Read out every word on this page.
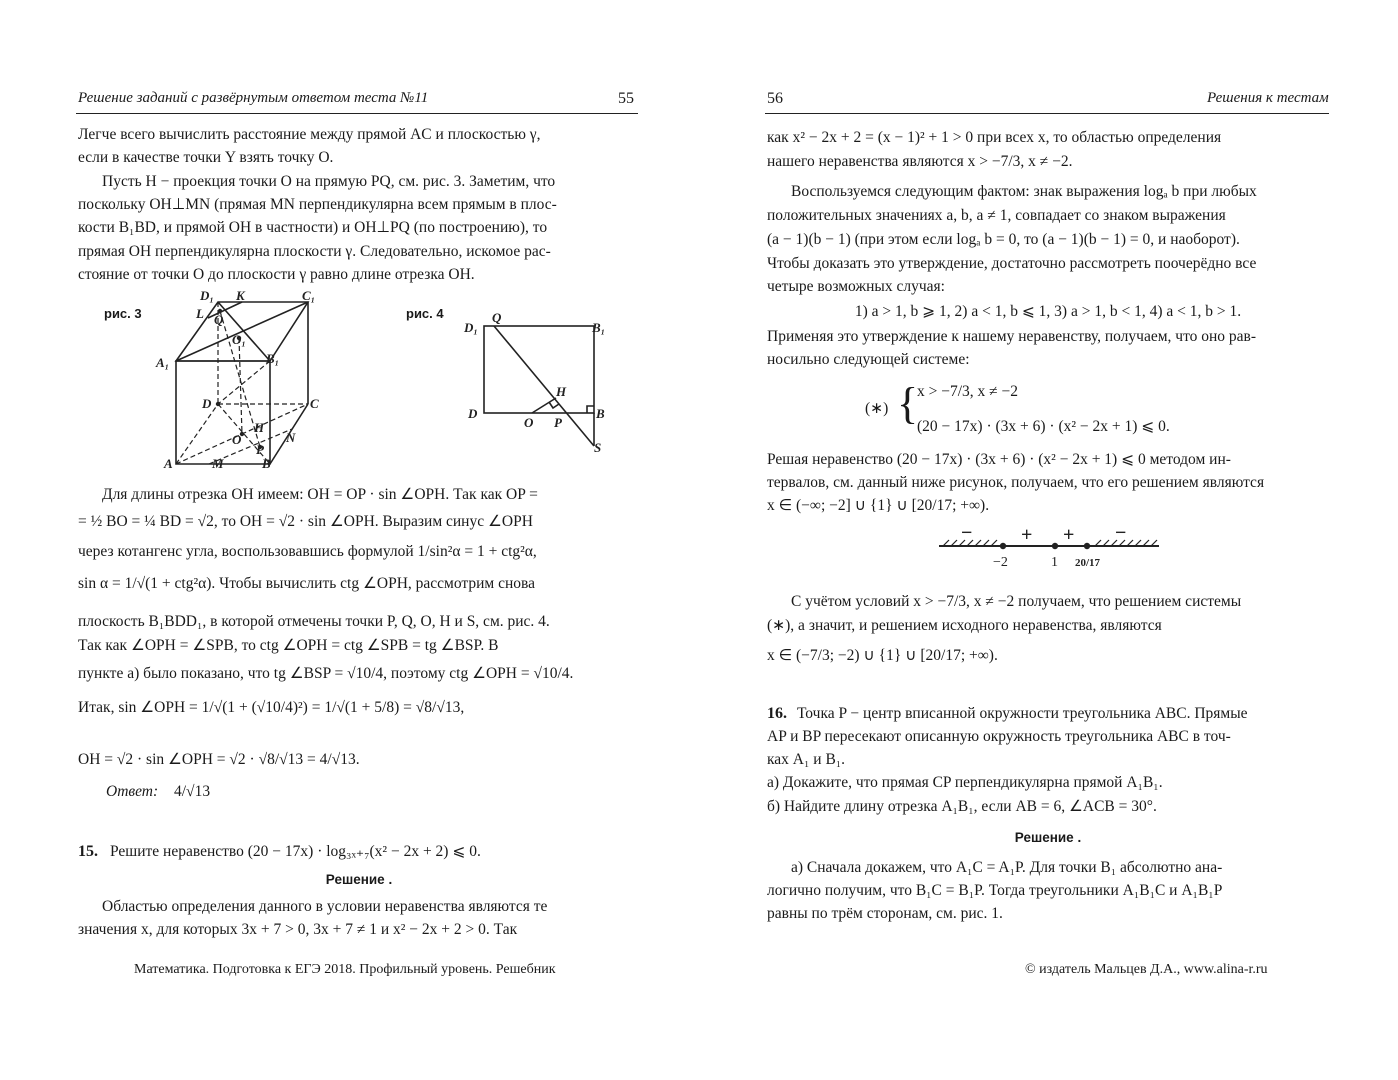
Решение заданий с развёрнутым ответом теста №11	55
Легче всего вычислить расстояние между прямой AC и плоскостью γ,
если в качестве точки Y взять точку O.
Пусть H − проекция точки O на прямую PQ, см. рис. 3. Заметим, что
поскольку OH⊥MN (прямая MN перпендикулярна всем прямым в плос-
кости B₁BD, и прямой OH в частности) и OH⊥PQ (по построению), то
прямая OH перпендикулярна плоскости γ. Следовательно, искомое рас-
стояние от точки O до плоскости γ равно длине отрезка OH.
D₁ K	C₁
L Q
O₁
A₁	B₁
D	C
O
H
N
A	M
P
B
рис. 3	рис. 4
D₁
Q
B₁
H
D
O P
B
S
Для длины отрезка OH имеем: OH = OP · sin ∠OPH. Так как OP =
= ½ BO = ¼ BD = √2, то OH = √2 · sin ∠OPH. Выразим синус ∠OPH
через котангенс угла, воспользовавшись формулой 1/sin²α = 1 + ctg²α,
sin α = 1/√(1 + ctg²α). Чтобы вычислить ctg ∠OPH, рассмотрим снова
плоскость B₁BDD₁, в которой отмечены точки P, Q, O, H и S, см. рис. 4.
Так как ∠OPH = ∠SPB, то ctg ∠OPH = ctg ∠SPB = tg ∠BSP. В
пункте а) было показано, что tg ∠BSP = √10/4, поэтому ctg ∠OPH = √10/4.
Итак, sin ∠OPH = 1/√(1 + (√10/4)²) = 1/√(1 + 5/8) = √8/√13,
OH = √2 · sin ∠OPH = √2 · √8/√13 = 4/√13.
Ответ: 4/√13
15. Решите неравенство (20 − 17x) · log₃ₓ₊₇(x² − 2x + 2) ⩽ 0.
Решение .
Областью определения данного в условии неравенства являются те
значения x, для которых 3x + 7 > 0, 3x + 7 ≠ 1 и x² − 2x + 2 > 0. Так
Математика. Подготовка к ЕГЭ 2018. Профильный уровень. Решебник
56	Решения к тестам
как x² − 2x + 2 = (x − 1)² + 1 > 0 при всех x, то областью определения
нашего неравенства являются x > −7/3, x ≠ −2.
Воспользуемся следующим фактом: знак выражения logₐ b при любых
положительных значениях a, b, a ≠ 1, совпадает со знаком выражения
(a − 1)(b − 1) (при этом если logₐ b = 0, то (a − 1)(b − 1) = 0, и наоборот).
Чтобы доказать это утверждение, достаточно рассмотреть поочерёдно все
четыре возможных случая:
1) a > 1, b ⩾ 1, 2) a < 1, b ⩽ 1, 3) a > 1, b < 1, 4) a < 1, b > 1.
Применяя это утверждение к нашему неравенству, получаем, что оно рав-
носильно следующей системе:
(∗) {
x > −7/3, x ≠ −2
(20 − 17x) · (3x + 6) · (x² − 2x + 1) ⩽ 0.
Решая неравенство (20 − 17x) · (3x + 6) · (x² − 2x + 1) ⩽ 0 методом ин-
тервалов, см. данный ниже рисунок, получаем, что его решением являются
x ∈ (−∞; −2] ∪ {1} ∪ [20/17; +∞).
− + + −
−2	1 20/17
С учётом условий x > −7/3, x ≠ −2 получаем, что решением системы
(∗), а значит, и решением исходного неравенства, являются
x ∈ (−7/3; −2) ∪ {1} ∪ [20/17; +∞).
16. Точка P − центр вписанной окружности треугольника ABC. Прямые
AP и BP пересекают описанную окружность треугольника ABC в точ-
ках A₁ и B₁.
а) Докажите, что прямая CP перпендикулярна прямой A₁B₁.
б) Найдите длину отрезка A₁B₁, если AB = 6, ∠ACB = 30°.
Решение .
а) Сначала докажем, что A₁C = A₁P. Для точки B₁ абсолютно ана-
логично получим, что B₁C = B₁P. Тогда треугольники A₁B₁C и A₁B₁P
равны по трём сторонам, см. рис. 1.
© издатель Мальцев Д.А., www.alina-r.ru
